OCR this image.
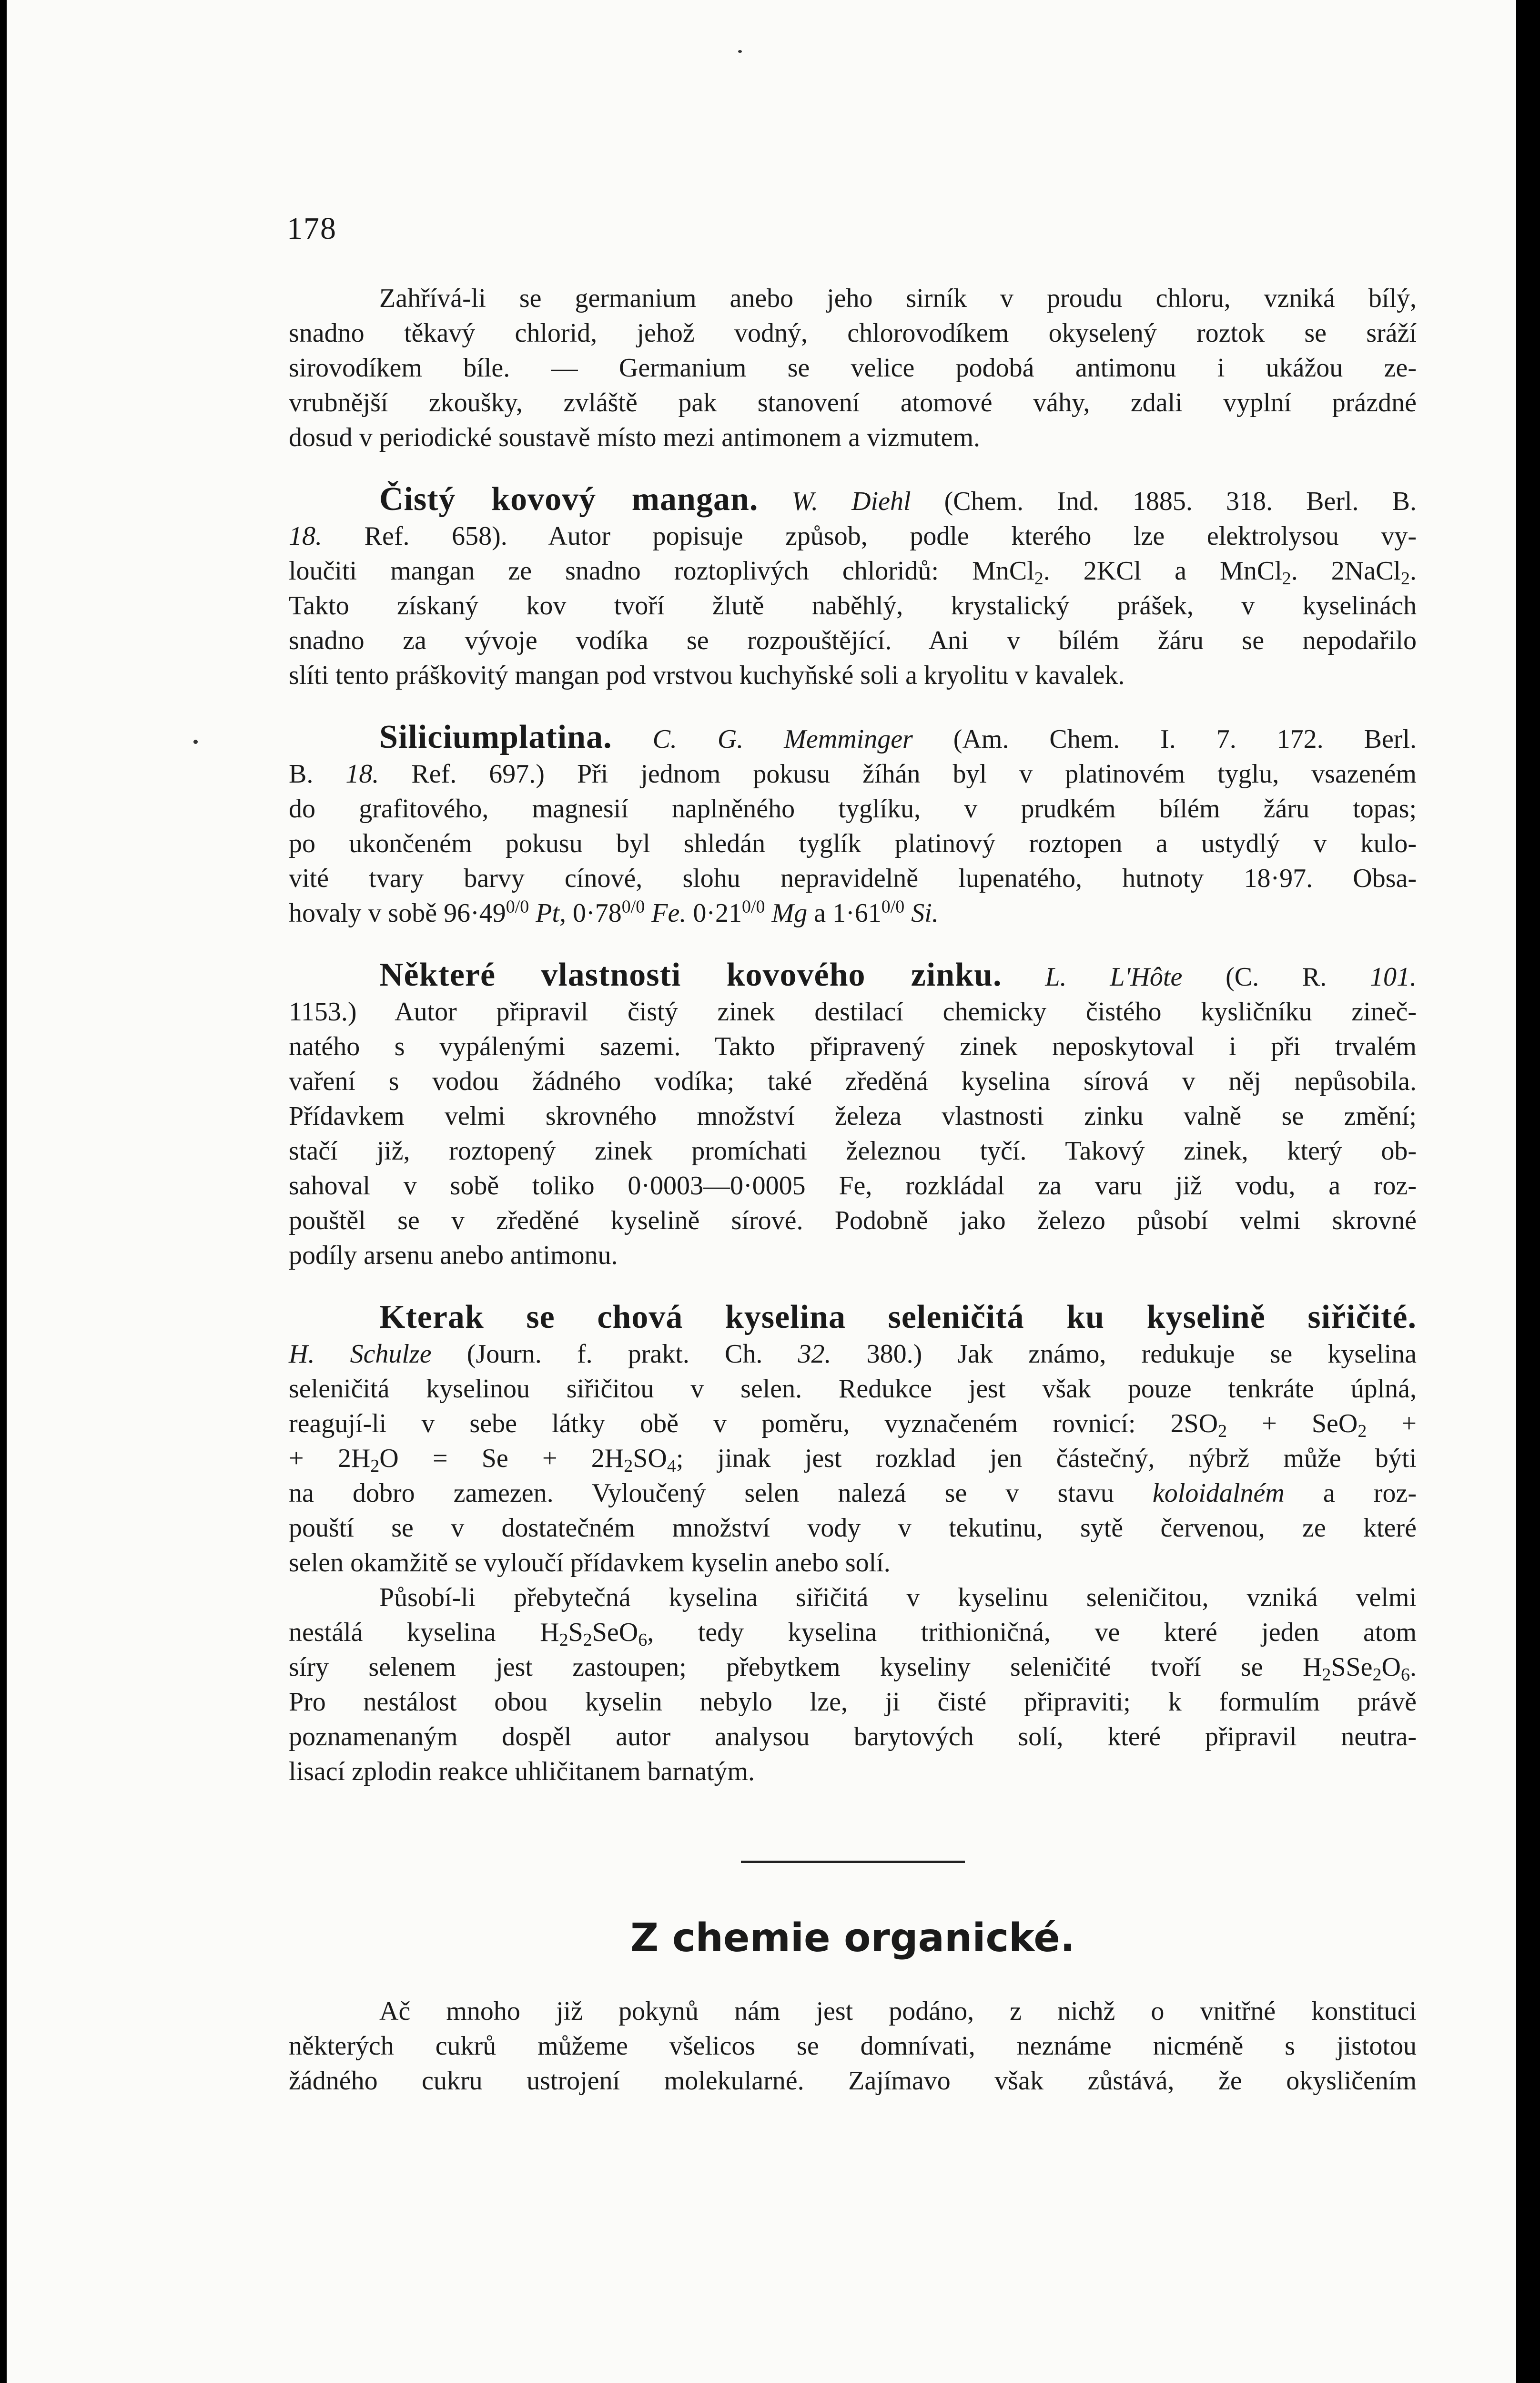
178
Zahřívá-li se germanium anebo jeho sirník v proudu chloru, vzniká bílý,
snadno těkavý chlorid, jehož vodný, chlorovodíkem okyselený roztok se sráží
sirovodíkem bíle. — Germanium se velice podobá antimonu i ukážou ze-
vrubnější zkoušky, zvláště pak stanovení atomové váhy, zdali vyplní prázdné
dosud v periodické soustavě místo mezi antimonem a vizmutem.
Čistý kovový mangan. W. Diehl (Chem. Ind. 1885. 318. Berl. B.
18. Ref. 658). Autor popisuje způsob, podle kterého lze elektrolysou vy-
loučiti mangan ze snadno roztoplivých chloridů: MnCl$_2$. 2KCl a MnCl$_2$. 2NaCl$_2$.
Takto získaný kov tvoří žlutě naběhlý, krystalický prášek, v kyselinách
snadno za vývoje vodíka se rozpouštějící. Ani v bílém žáru se nepodařilo
slíti tento práškovitý mangan pod vrstvou kuchyňské soli a kryolitu v kavalek.
Siliciumplatina. C. G. Memminger (Am. Chem. I. 7. 172. Berl.
B. 18. Ref. 697.) Při jednom pokusu žíhán byl v platinovém tyglu, vsazeném
do grafitového, magnesií naplněného tyglíku, v prudkém bílém žáru topas;
po ukončeném pokusu byl shledán tyglík platinový roztopen a ustydlý v kulo-
vité tvary barvy cínové, slohu nepravidelně lupenatého, hutnoty 18·97. Obsa-
hovaly v sobě $96\cdot 49^{0/0}$ Pt, $0\cdot 78^{0/0}$ Fe. $0\cdot 21^{0/0}$ Mg a $1\cdot 61^{0/0}$ Si.
Některé vlastnosti kovového zinku. L. L'Hôte (C. R. 101.
1153.) Autor připravil čistý zinek destilací chemicky čistého kysličníku zineč-
natého s vypálenými sazemi. Takto připravený zinek neposkytoval i při trvalém
vaření s vodou žádného vodíka; také zředěná kyselina sírová v něj nepůsobila.
Přídavkem velmi skrovného množství železa vlastnosti zinku valně se změní;
stačí již, roztopený zinek promíchati železnou tyčí. Takový zinek, který ob-
sahoval v sobě toliko 0·0003—0·0005 Fe, rozkládal za varu již vodu, a roz-
pouštěl se v zředěné kyselině sírové. Podobně jako železo působí velmi skrovné
podíly arsenu anebo antimonu.
Kterak se chová kyselina seleničitá ku kyselině siřičité.
H. Schulze (Journ. f. prakt. Ch. 32. 380.) Jak známo, redukuje se kyselina
seleničitá kyselinou siřičitou v selen. Redukce jest však pouze tenkráte úplná,
reagují-li v sebe látky obě v poměru, vyznačeném rovnicí: $2SO_2 + SeO_2$ +
+ $2H_2O = Se + 2H_2SO_4$; jinak jest rozklad jen částečný, nýbrž může býti
na dobro zamezen. Vyloučený selen nalezá se v stavu koloidalném a roz-
pouští se v dostatečném množství vody v tekutinu, sytě červenou, ze které
selen okamžitě se vyloučí přídavkem kyselin anebo solí.
Působí-li přebytečná kyselina siřičitá v kyselinu seleničitou, vzniká velmi
nestálá kyselina $H_2S_2SeO_6$, tedy kyselina trithioničná, ve které jeden atom
síry selenem jest zastoupen; přebytkem kyseliny seleničité tvoří se $H_2SSe_2O_6$.
Pro nestálost obou kyselin nebylo lze, ji čisté připraviti; k formulím právě
poznamenaným dospěl autor analysou barytových solí, které připravil neutra-
lisací zplodin reakce uhličitanem barnatým.
Z chemie organické.
Ač mnoho již pokynů nám jest podáno, z nichž o vnitřné konstituci
některých cukrů můžeme všelicos se domnívati, neznáme nicméně s jistotou
žádného cukru ustrojení molekularné. Zajímavo však zůstává, že okysličením
